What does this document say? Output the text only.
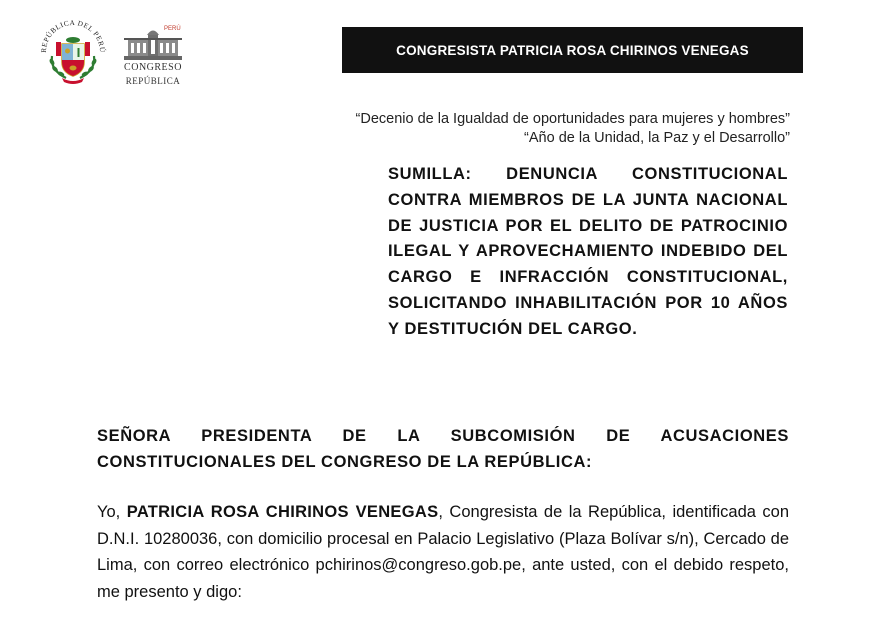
REPÚBLICA DEL PERÚ
PERÚ
CONGRESO
REPÚBLICA
CONGRESISTA PATRICIA ROSA CHIRINOS VENEGAS
“Decenio de la Igualdad de oportunidades para mujeres y hombres”
“Año de la Unidad, la Paz y el Desarrollo”
SUMILLA: DENUNCIA CONSTITUCIONAL CONTRA MIEMBROS DE LA JUNTA NACIONAL DE JUSTICIA POR EL DELITO DE PATROCINIO ILEGAL Y APROVECHAMIENTO INDEBIDO DEL CARGO E INFRACCIÓN CONSTITUCIONAL, SOLICITANDO INHABILITACIÓN POR 10 AÑOS Y DESTITUCIÓN DEL CARGO.
SEÑORA PRESIDENTA DE LA SUBCOMISIÓN DE ACUSACIONES CONSTITUCIONALES DEL CONGRESO DE LA REPÚBLICA:
Yo, PATRICIA ROSA CHIRINOS VENEGAS, Congresista de la República, identificada con D.N.I. 10280036, con domicilio procesal en Palacio Legislativo (Plaza Bolívar s/n), Cercado de Lima, con correo electrónico pchirinos@congreso.gob.pe, ante usted, con el debido respeto, me presento y digo:
